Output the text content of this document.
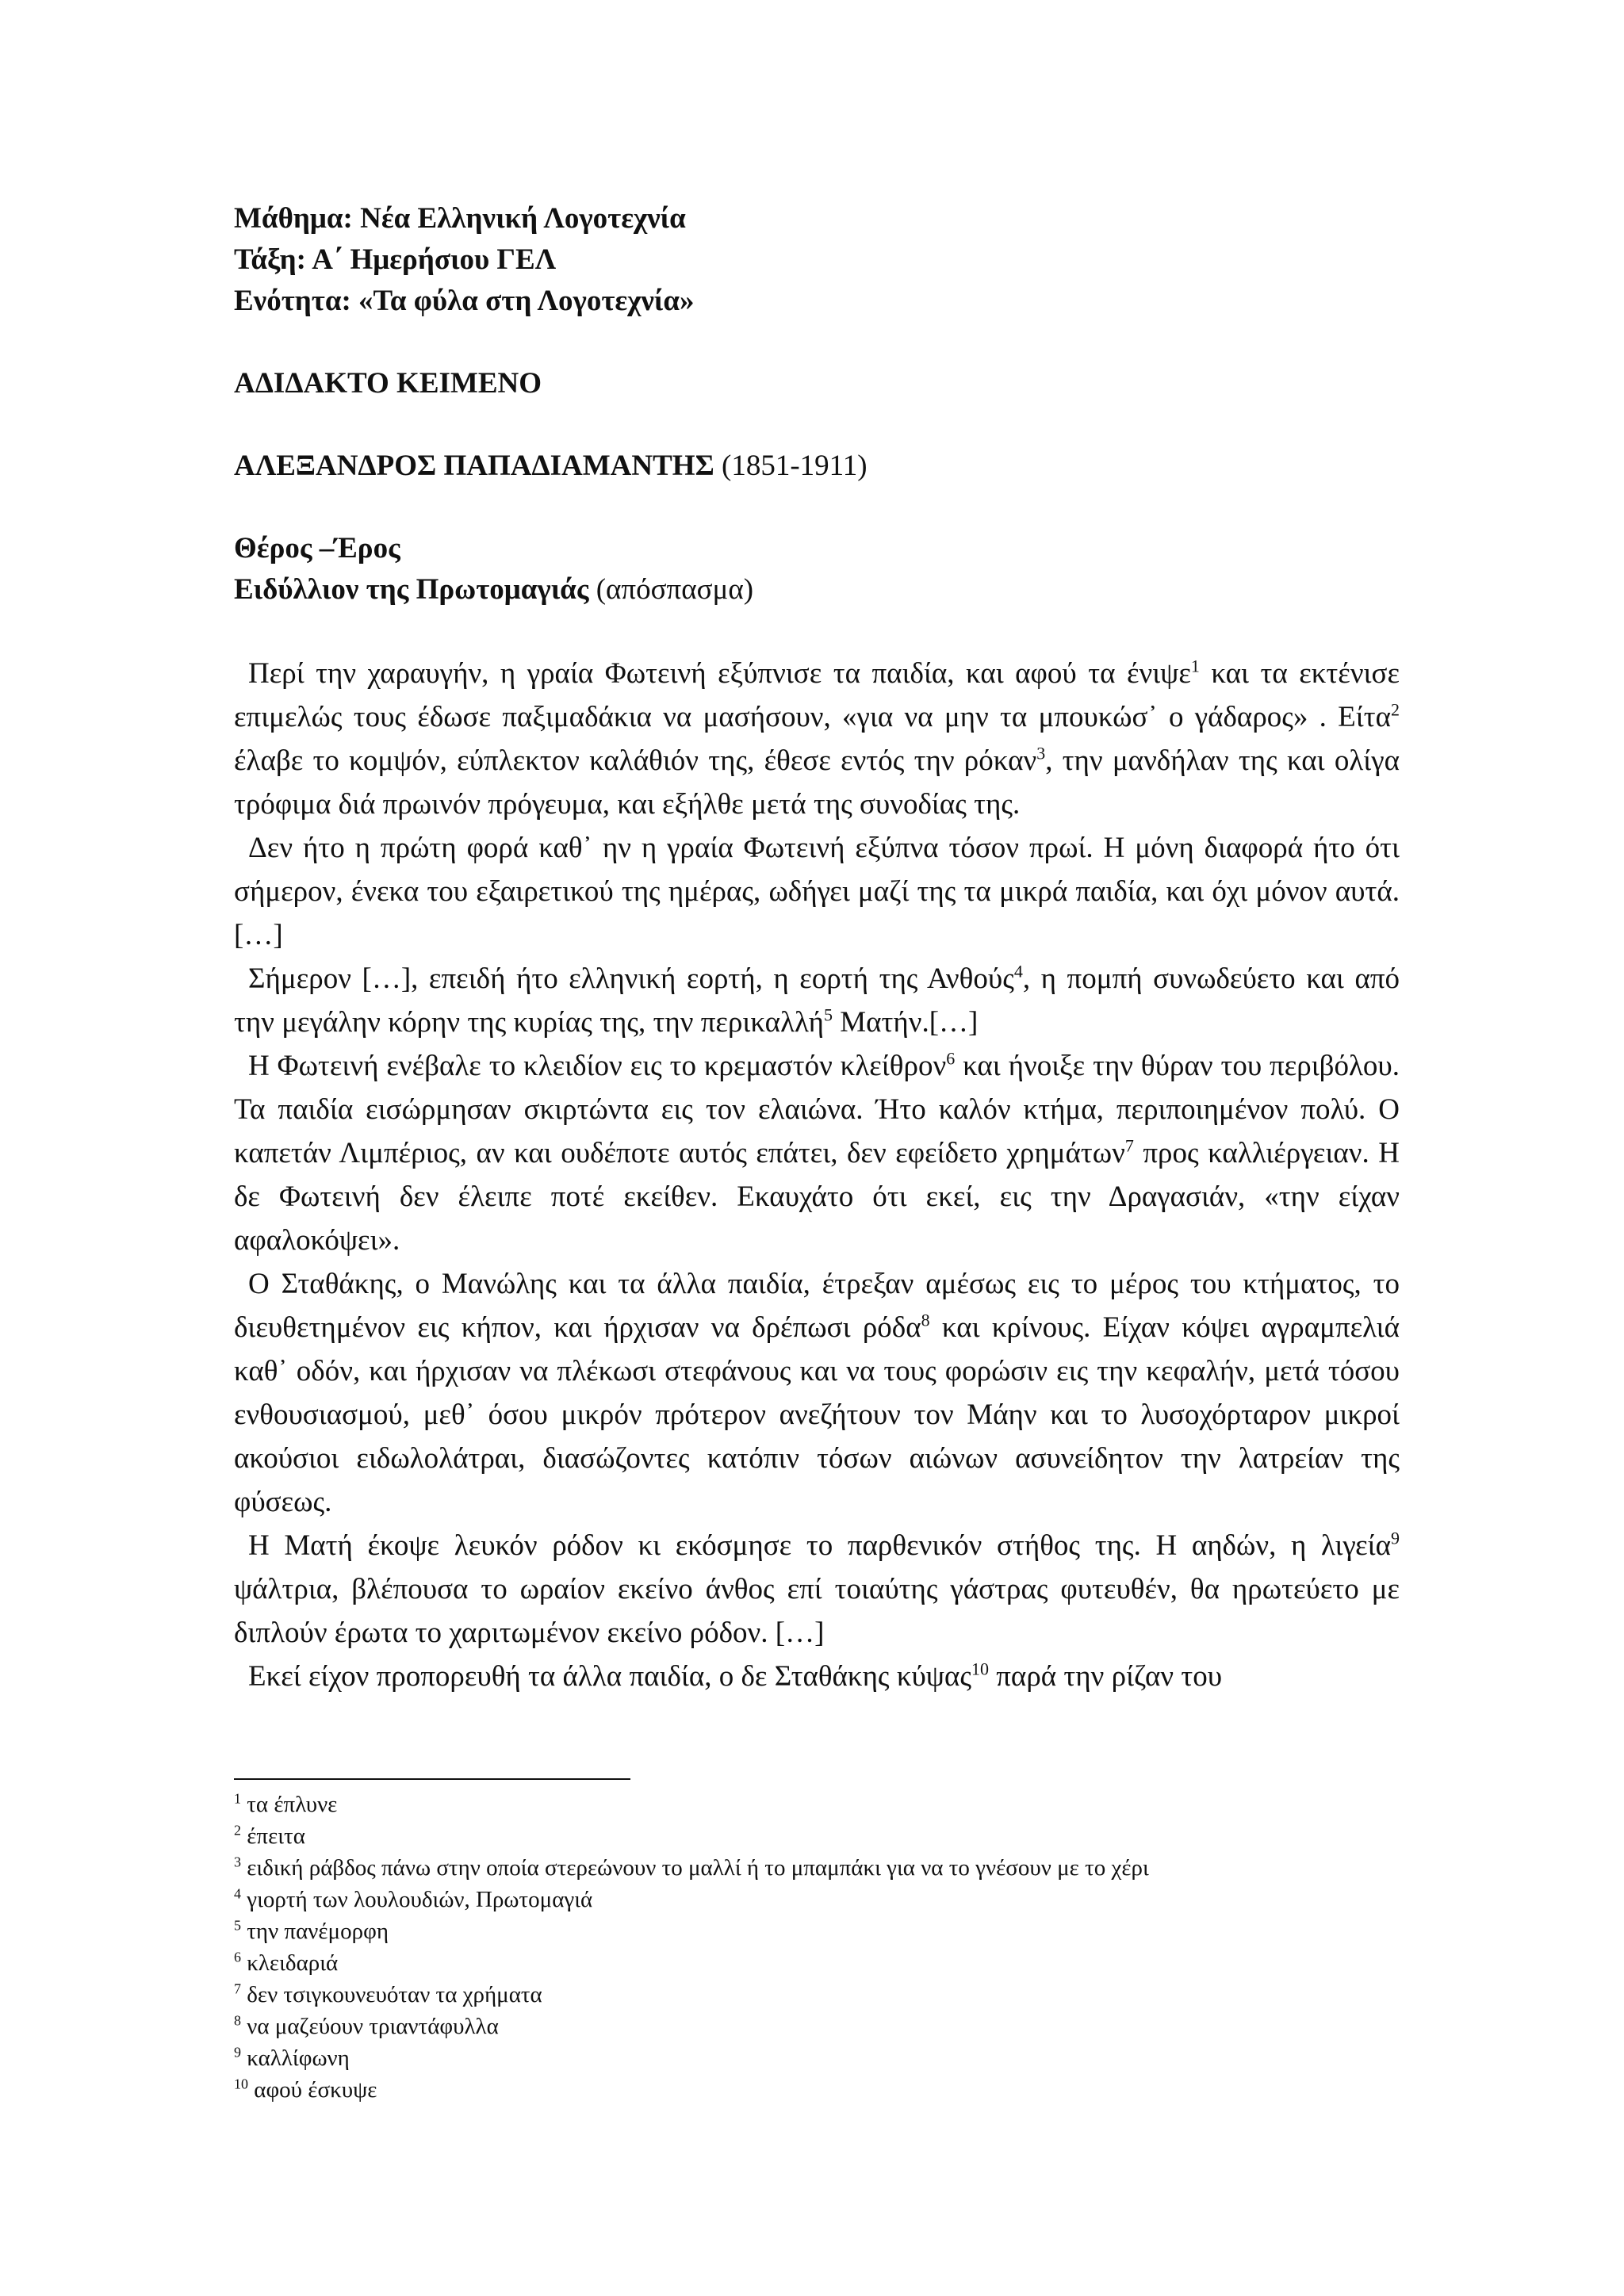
Μάθημα: Νέα Ελληνική Λογοτεχνία

Τάξη: Α΄ Ημερήσιου ΓΕΛ

Ενότητα: «Τα φύλα στη Λογοτεχνία»

ΑΔΙΔΑΚΤΟ ΚΕΙΜΕΝΟ

ΑΛΕΞΑΝΔΡΟΣ ΠΑΠΑΔΙΑΜΑΝΤΗΣ (1851-1911)

Θέρος –Έρος

Ειδύλλιον της Πρωτομαγιάς (απόσπασμα)

Περί την χαραυγήν, η γραία Φωτεινή εξύπνισε τα παιδία, και αφού τα ένιψε$^1$ και τα εκτένισε επιμελώς τους έδωσε παξιμαδάκια να μασήσουν, «για να μην τα μπουκώσ᾽ ο γάδαρος» . Είτα$^2$ έλαβε το κομψόν, εύπλεκτον καλάθιόν της, έθεσε εντός την ρόκαν$^3$, την μανδήλαν της και ολίγα τρόφιμα διά πρωινόν πρόγευμα, και εξήλθε μετά της συνοδίας της.

Δεν ήτο η πρώτη φορά καθ᾽ ην η γραία Φωτεινή εξύπνα τόσον πρωί. Η μόνη διαφορά ήτο ότι σήμερον, ένεκα του εξαιρετικού της ημέρας, ωδήγει μαζί της τα μικρά παιδία, και όχι μόνον αυτά. […]

Σήμερον […], επειδή ήτο ελληνική εορτή, η εορτή της Ανθούς$^4$, η πομπή συνωδεύετο και από την μεγάλην κόρην της κυρίας της, την περικαλλή$^5$ Ματήν.[…]

Η Φωτεινή ενέβαλε το κλειδίον εις το κρεμαστόν κλείθρον$^6$ και ήνοιξε την θύραν του περιβόλου. Τα παιδία εισώρμησαν σκιρτώντα εις τον ελαιώνα. Ήτο καλόν κτήμα, περιποιημένον πολύ. Ο καπετάν Λιμπέριος, αν και ουδέποτε αυτός επάτει, δεν εφείδετο χρημάτων$^7$ προς καλλιέργειαν. Η δε Φωτεινή δεν έλειπε ποτέ εκείθεν. Εκαυχάτο ότι εκεί, εις την Δραγασιάν, «την είχαν αφαλοκόψει».

Ο Σταθάκης, ο Μανώλης και τα άλλα παιδία, έτρεξαν αμέσως εις το μέρος του κτήματος, το διευθετημένον εις κήπον, και ήρχισαν να δρέπωσι ρόδα$^8$ και κρίνους. Είχαν κόψει αγραμπελιά καθ᾽ οδόν, και ήρχισαν να πλέκωσι στεφάνους και να τους φορώσιν εις την κεφαλήν, μετά τόσου ενθουσιασμού, μεθ᾽ όσου μικρόν πρότερον ανεζήτουν τον Μάην και το λυσοχόρταρον μικροί ακούσιοι ειδωλολάτραι, διασώζοντες κατόπιν τόσων αιώνων ασυνείδητον την λατρείαν της φύσεως.

Η Ματή έκοψε λευκόν ρόδον κι εκόσμησε το παρθενικόν στήθος της. Η αηδών, η λιγεία$^9$ ψάλτρια, βλέπουσα το ωραίον εκείνο άνθος επί τοιαύτης γάστρας φυτευθέν, θα ηρωτεύετο με διπλούν έρωτα το χαριτωμένον εκείνο ρόδον. […]

Εκεί είχον προπορευθή τα άλλα παιδία, ο δε Σταθάκης κύψας$^{10}$ παρά την ρίζαν του

$^1$ τα έπλυνε

$^2$ έπειτα

$^3$ ειδική ράβδος πάνω στην οποία στερεώνουν το μαλλί ή το μπαμπάκι για να το γνέσουν με το χέρι

$^4$ γιορτή των λουλουδιών, Πρωτομαγιά

$^5$ την πανέμορφη

$^6$ κλειδαριά

$^7$ δεν τσιγκουνευόταν τα χρήματα

$^8$ να μαζεύουν τριαντάφυλλα

$^9$ καλλίφωνη

$^{10}$ αφού έσκυψε
